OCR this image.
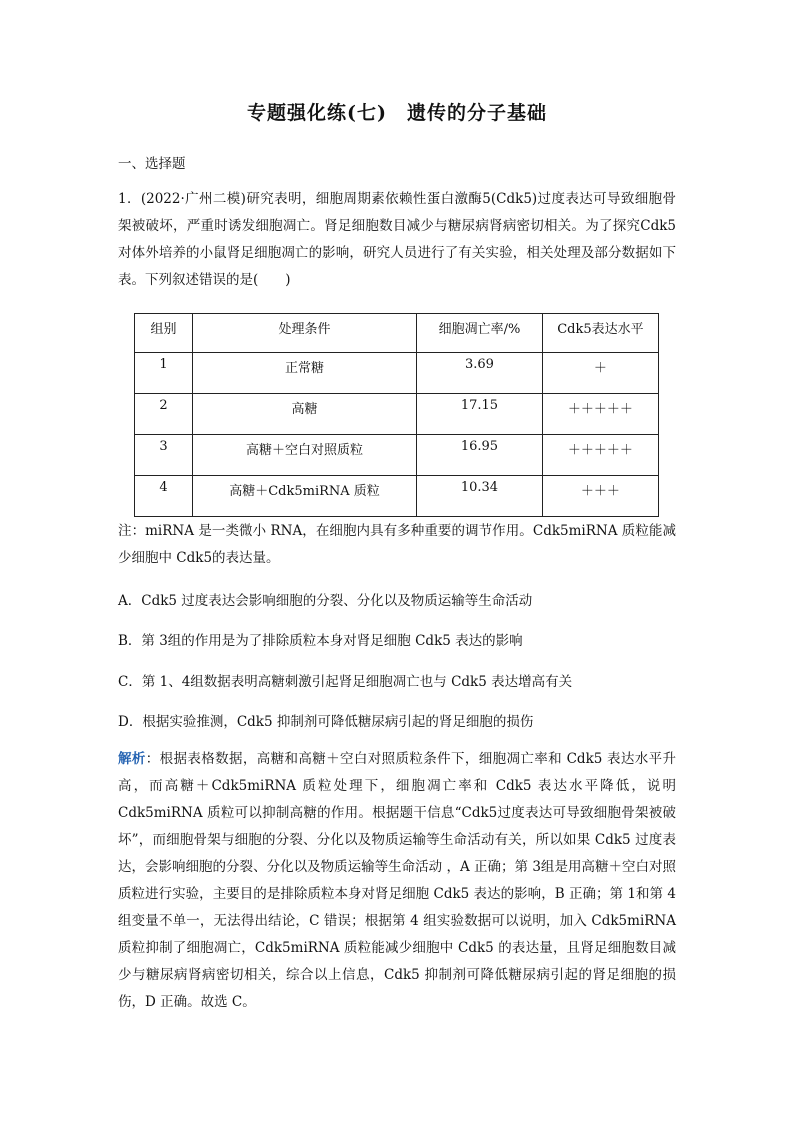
专题强化练(七)　遗传的分子基础
一、选择题
1．(2022·广州二模)研究表明，细胞周期素依赖性蛋白激酶5(Cdk5)过度表达可导致细胞骨架被破坏，严重时诱发细胞凋亡。肾足细胞数目减少与糖尿病肾病密切相关。为了探究Cdk5对体外培养的小鼠肾足细胞凋亡的影响，研究人员进行了有关实验，相关处理及部分数据如下表。下列叙述错误的是(　　)
组别	处理条件	细胞凋亡率/%	Cdk5表达水平
1	正常糖	3.69	＋
2	高糖	17.15	＋＋＋＋＋
3	高糖＋空白对照质粒	16.95	＋＋＋＋＋
4	高糖＋Cdk5miRNA 质粒	10.34	＋＋＋
注：miRNA 是一类微小 RNA，在细胞内具有多种重要的调节作用。Cdk5miRNA 质粒能减少细胞中 Cdk5的表达量。
A．Cdk5 过度表达会影响细胞的分裂、分化以及物质运输等生命活动
B．第 3组的作用是为了排除质粒本身对肾足细胞 Cdk5 表达的影响
C．第 1、4组数据表明高糖刺激引起肾足细胞凋亡也与 Cdk5 表达增高有关
D．根据实验推测，Cdk5 抑制剂可降低糖尿病引起的肾足细胞的损伤
解析：根据表格数据，高糖和高糖＋空白对照质粒条件下，细胞凋亡率和 Cdk5 表达水平升高，而高糖＋Cdk5miRNA 质粒处理下，细胞凋亡率和 Cdk5 表达水平降低，说明 Cdk5miRNA 质粒可以抑制高糖的作用。根据题干信息“Cdk5过度表达可导致细胞骨架被破坏”，而细胞骨架与细胞的分裂、分化以及物质运输等生命活动有关，所以如果 Cdk5 过度表达，会影响细胞的分裂、分化以及物质运输等生命活动 ，A 正确；第 3组是用高糖＋空白对照质粒进行实验，主要目的是排除质粒本身对肾足细胞 Cdk5 表达的影响，B 正确；第 1和第 4 组变量不单一，无法得出结论，C 错误；根据第 4 组实验数据可以说明，加入 Cdk5miRNA 质粒抑制了细胞凋亡，Cdk5miRNA 质粒能减少细胞中 Cdk5 的表达量，且肾足细胞数目减少与糖尿病肾病密切相关，综合以上信息，Cdk5 抑制剂可降低糖尿病引起的肾足细胞的损伤，D 正确。故选 C。
